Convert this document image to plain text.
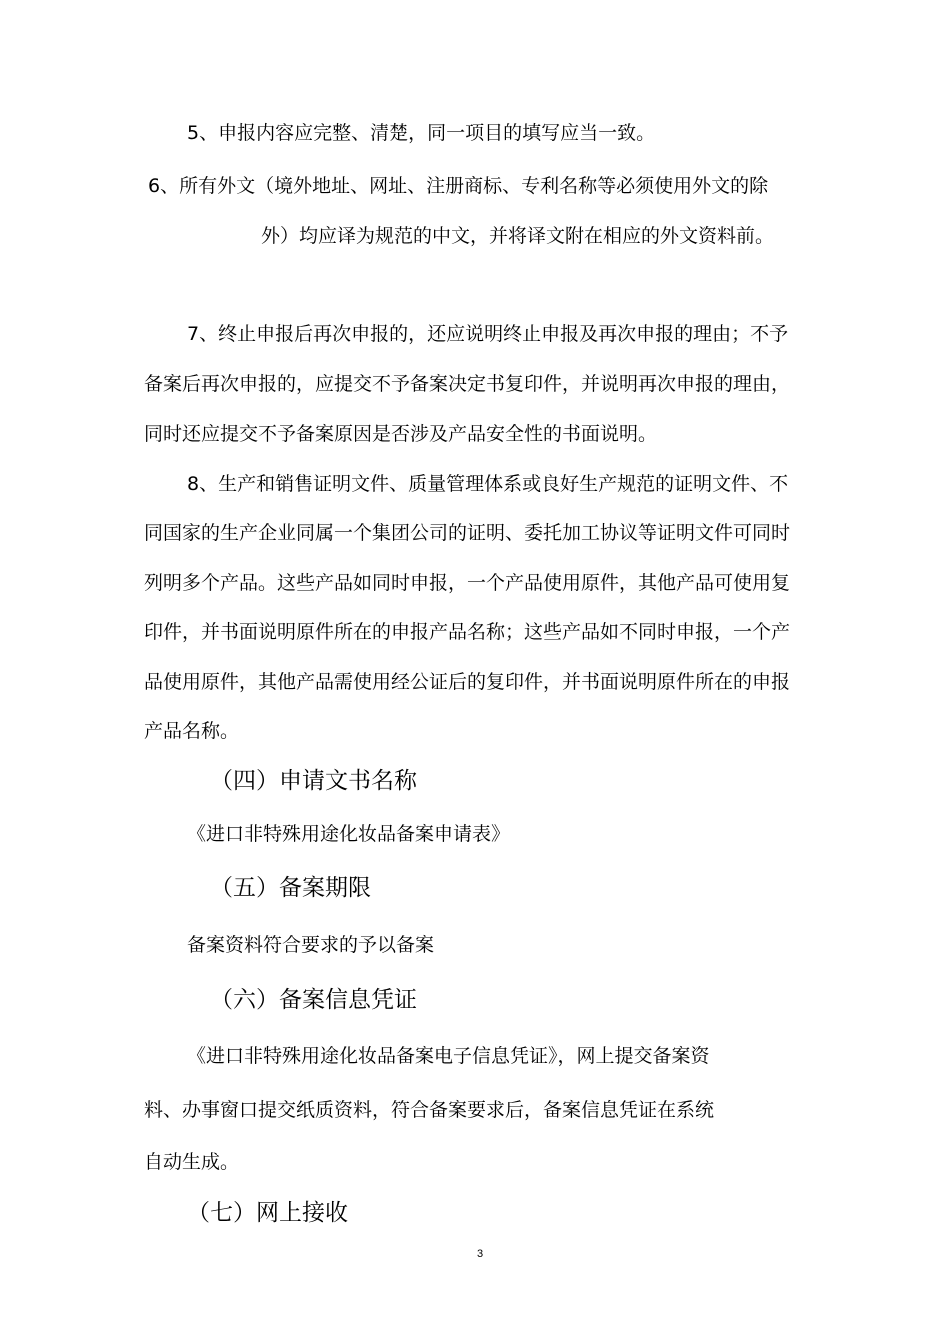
5、申报内容应完整、清楚，同一项目的填写应当一致。
6、所有外文（境外地址、网址、注册商标、专利名称等必须使用外文的除
外）均应译为规范的中文，并将译文附在相应的外文资料前。
7、终止申报后再次申报的，还应说明终止申报及再次申报的理由；不予
备案后再次申报的，应提交不予备案决定书复印件，并说明再次申报的理由，
同时还应提交不予备案原因是否涉及产品安全性的书面说明。
8、生产和销售证明文件、质量管理体系或良好生产规范的证明文件、不
同国家的生产企业同属一个集团公司的证明、委托加工协议等证明文件可同时
列明多个产品。这些产品如同时申报，一个产品使用原件，其他产品可使用复
印件，并书面说明原件所在的申报产品名称；这些产品如不同时申报，一个产
品使用原件，其他产品需使用经公证后的复印件，并书面说明原件所在的申报
产品名称。
（四）申请文书名称
《进口非特殊用途化妆品备案申请表》
（五）备案期限
备案资料符合要求的予以备案
（六）备案信息凭证
《进口非特殊用途化妆品备案电子信息凭证》，网上提交备案资
料、办事窗口提交纸质资料，符合备案要求后，备案信息凭证在系统
自动生成。
（七）网上接收
3
